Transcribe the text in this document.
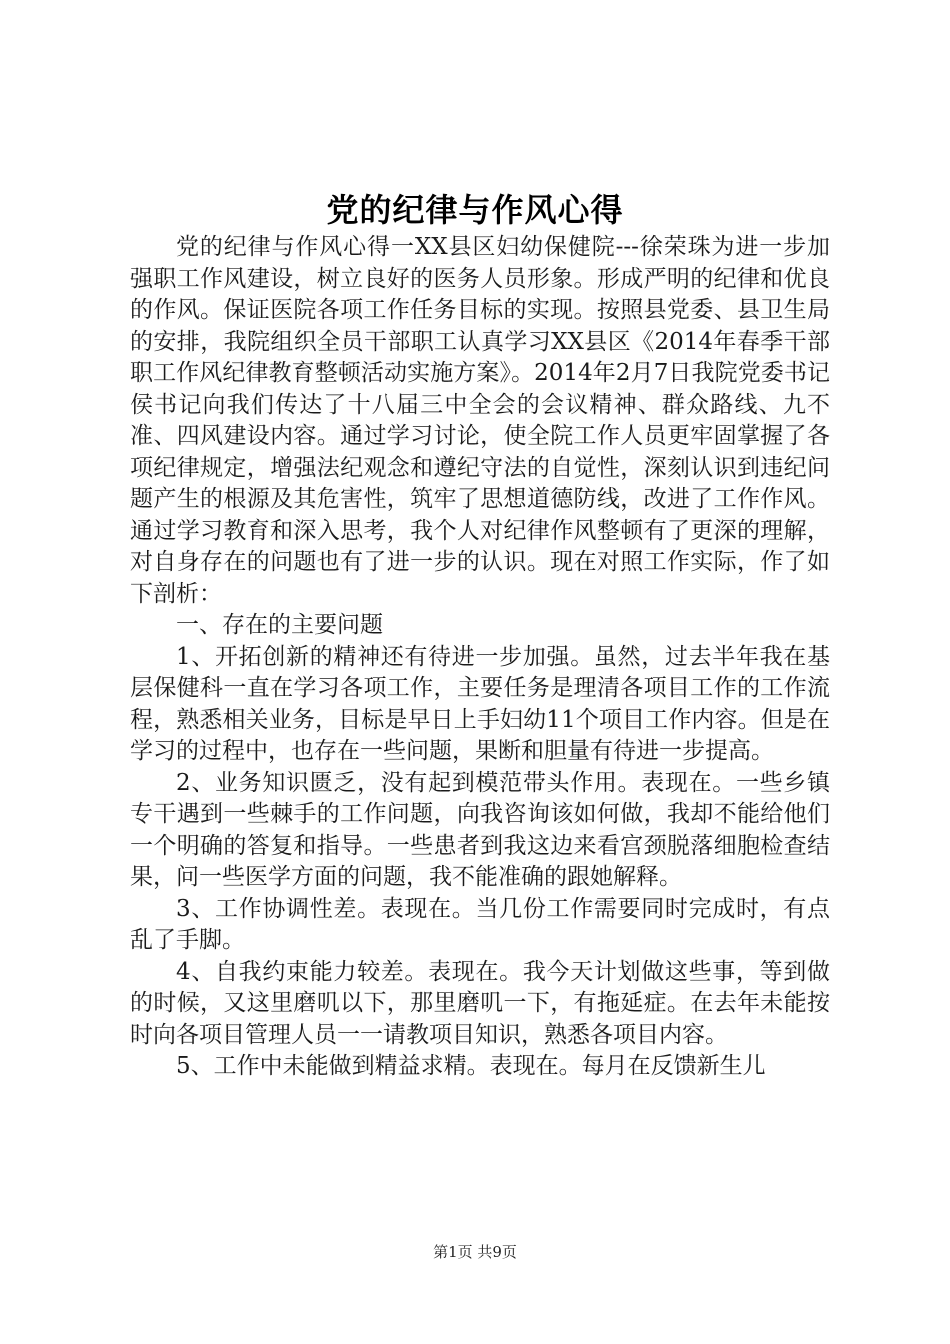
党的纪律与作风心得

党的纪律与作风心得一XX县区妇幼保健院---徐荣珠为进一步加强职工作风建设，树立良好的医务人员形象。形成严明的纪律和优良的作风。保证医院各项工作任务目标的实现。按照县党委、县卫生局的安排，我院组织全员干部职工认真学习XX县区《2014年春季干部职工作风纪律教育整顿活动实施方案》。2014年2月7日我院党委书记侯书记向我们传达了十八届三中全会的会议精神、群众路线、九不准、四风建设内容。通过学习讨论，使全院工作人员更牢固掌握了各项纪律规定，增强法纪观念和遵纪守法的自觉性，深刻认识到违纪问题产生的根源及其危害性，筑牢了思想道德防线，改进了工作作风。通过学习教育和深入思考，我个人对纪律作风整顿有了更深的理解，对自身存在的问题也有了进一步的认识。现在对照工作实际，作了如下剖析：

一、存在的主要问题

1、开拓创新的精神还有待进一步加强。虽然，过去半年我在基层保健科一直在学习各项工作，主要任务是理清各项目工作的工作流程，熟悉相关业务，目标是早日上手妇幼11个项目工作内容。但是在学习的过程中，也存在一些问题，果断和胆量有待进一步提高。

2、业务知识匮乏，没有起到模范带头作用。表现在。一些乡镇专干遇到一些棘手的工作问题，向我咨询该如何做，我却不能给他们一个明确的答复和指导。一些患者到我这边来看宫颈脱落细胞检查结果，问一些医学方面的问题，我不能准确的跟她解释。

3、工作协调性差。表现在。当几份工作需要同时完成时，有点乱了手脚。

4、自我约束能力较差。表现在。我今天计划做这些事，等到做的时候，又这里磨叽以下，那里磨叽一下，有拖延症。在去年未能按时向各项目管理人员一一请教项目知识，熟悉各项目内容。

5、工作中未能做到精益求精。表现在。每月在反馈新生儿

第1页 共9页
